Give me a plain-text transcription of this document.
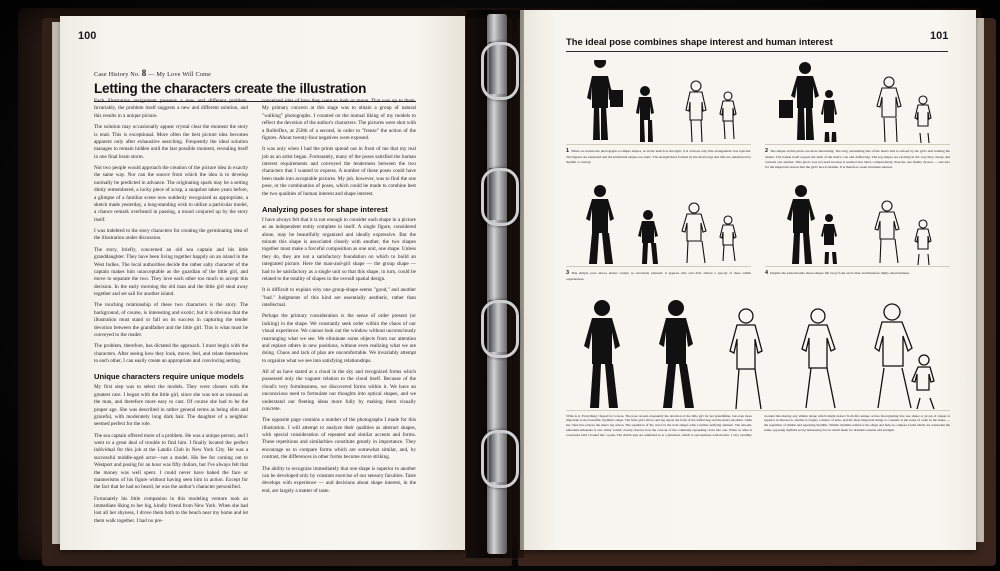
100
Case History No. 8 — My Love Will Come
Letting the characters create the illustration

Each illustration assignment presents a new and different problem. Invariably, the problem itself suggests a new and different solution, and this results in a unique picture.

The solution may occasionally appear crystal clear the moment the story is read. This is exceptional. More often the best picture idea becomes apparent only after exhaustive searching. Frequently the ideal solution manages to remain hidden until the last possible moment, revealing itself in one final brain storm.

Not two people would approach the creation of the picture idea in exactly the same way. Nor can the source from which the idea is to develop normally be predicted in advance. The originating spark may be a setting dimly remembered, a lucky piece of scrap, a snapshot taken years before, a glimpse of a familiar scene now suddenly recognized as appropriate, a sketch made yesterday, a long-standing wish to utilize a particular model, a chance remark overheard in passing, a mood conjured up by the story itself.

I was indebted to the story characters for creating the germinating idea of the illustration under discussion.

The story, briefly, concerned an old sea captain and his little granddaughter. They have been living together happily on an island in the West Indies. The local authorities decide the rather salty character of the captain makes him unacceptable as the guardian of the little girl, and move to separate the two. They love each other too much to accept this decision. In the early morning the old man and the little girl steal away together and set sail for another island.

The touching relationship of these two characters is the story. The background, of course, is interesting and exotic; but it is obvious that the illustration must stand or fall on its success in capturing the tender devotion between the grandfather and the little girl. This is what must be conveyed to the reader.

The problem, therefore, has dictated the approach. I must begin with the characters. After seeing how they look, move, feel, and relate themselves to each other, I can easily create an appropriate and convincing setting.

Unique characters require unique models

My first step was to select the models. They were chosen with the greatest care. I began with the little girl, since she was not as unusual as the man, and therefore more easy to cast. Of course she had to be the proper age. She was described in rather general terms as being slim and graceful, with moderately long dark hair. The daughter of a neighbor seemed perfect for the role.

The sea captain offered more of a problem. He was a unique person, and I went to a great deal of trouble to find him. I finally located the perfect individual for this job at the Landis Club in New York City. He was a successful middle-aged actor—not a model. His fee for coming out to Westport and posing for an hour was fifty dollars, but I've always felt that the money was well spent. I could never have baked the face or mannerisms of his figure without having seen him in action. Except for the fact that he had no beard, he was the author's character personified.

Fortunately his little companion in this modeling venture took an immediate liking to her big, kindly friend from New York. When she had lost all her shyness, I drove them both to the beach near my home and let them walk together. I had no pre-

conceived idea of how they were to look or move. That was up to them. My primary concern at this stage was to obtain a group of natural "walking" photographs. I counted on the mutual liking of my models to reflect the devotion of the author's characters. The pictures were shot with a Rolleiflex, at 250th of a second, in order to "freeze" the action of the figures. About twenty-four negatives were exposed.

It was only when I had the prints spread out in front of me that my real job as an artist began. Fortunately, many of the poses satisfied the human interest requirements and conveyed the tenderness between the two characters that I wanted to express. A number of these poses could have been made into acceptable pictures. My job, however, was to find the one pose, or the combination of poses, which could be made to combine best the two qualities of human interest and shape interest.

Analyzing poses for shape interest

I have always felt that it is not enough to consider each shape in a picture as an independent entity complete in itself. A single figure, considered alone, may be beautifully organized and ideally expressive. But the minute this shape is associated closely with another, the two shapes together must make a forceful composition as one unit, one shape. Unless they do, they are not a satisfactory foundation on which to build an integrated picture. Here the man-and-girl shape — the group shape — had to be satisfactory as a single unit so that this shape, in turn, could be related to the totality of shapes in the overall spatial design.

It is difficult to explain why one group-shape seems "good," and another "bad." Judgments of this kind are essentially aesthetic, rather than intellectual.

Perhaps the primary consideration is the sense of order present (or lacking) in the shape. We constantly seek order within the chaos of our visual experience. We cannot look out the window without unconsciously rearranging what we see. We eliminate some objects from our attention and replace others in new positions, without even realizing what we are doing. Chaos and lack of plan are uncomfortable. We invariably attempt to organize what we see into satisfying relationships.

All of us have stared at a cloud in the sky and recognized forms which possessed only the vaguest relation to the cloud itself. Because of the cloud's very formlessness, we discovered forms within it. We have an unconscious need to formulate our thoughts into optical shapes, and we understand our fleeting ideas more fully by making them visually concrete.

The opposite page contains a number of the photographs I made for this illustration. I will attempt to analyze their qualities as abstract shapes, with special consideration of repeated and similar accents and forms. These repetitions and similarities constitute greatly in importance. They encourage us to compare forms which are somewhat similar, and, by contrast, the differences in other forms become more striking.

The ability to recognize immediately that one shape is superior to another can be developed only by constant exercise of our sensory faculties. Taste develops with experience — and decisions about shape interest, in the end, are largely a matter of taste.

101
The ideal pose combines shape interest and human interest
1 When we isolate the photograph to simple shapes, as in the sketch at the right, it is obvious why this arrangement was rejected. The figures are unrelated and the individual shapes are static. The straight lines formed by the man's legs and rifle are unrelieved by rhythm or variety.
2 The shapes in this photo are more interesting. The long, undulating line of the man's arm is echoed by the girl's arm holding the basket. The basket itself repeats the bulk of the man's coat and duffel-bag. The leg shapes are exciting in the way they charge and contrast one another. This photo was not used because it seemed less ideal, comparatively, than the one finally chosen — and also for the important reason that the girl's face is hidden. It is therefore weak in human interest.
3 This simple pose shows shares variety as obviously planned: it appears trite and dull, almost a parody of mere subtle organization.
4 Despite the joined hands, these shapes fall away from each other and therefore imply unrelatedness.
5This is it. Everything I hoped for is here. The pose reveals eloquently the devotion of the little girl for her grandfather, but even more important is the beautiful, rhythmic shape. The little girl's elbow and leg repeat the form of the duffel-bag and the man's shoulder, while her chest line echoes the man's leg action. The repetition of the curve in the twin shapes adds a further unifying element. The smooth, unbroken silhouette is also richly varied; closely observe how the contour of the continuity expanding circle into one. When as often is contrasted with a bound into a peak. The child's legs are reminded as at a pinwheel, which is synonymous with motion. I very carefully avoided introducing any similar shape which might detract from this unique action. Recognizing that one shape or group of shapes is superior in interest to another is largely a matter of taste, and the most important things to consider is the sense of order in the shape — the repetition of similar and repeating rhythms. Similar rhythms reinforce the shape and help us compare forms which are somewhat the same, opposing rhythms set up buttressing forces which make for dramatic tension and strength.
